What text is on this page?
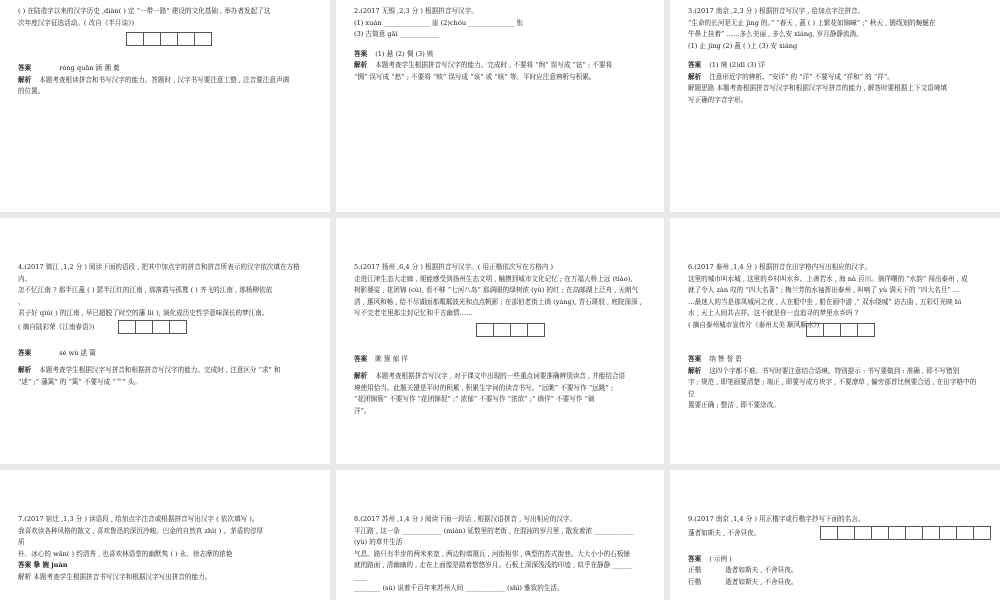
( ) 在陆造字以来的汉字历史 ,diàn( ) 定 “一带一路” 建设的文化基础 , 举办者发起了这

次年度汉字征选活动。( 改自《半月谈》)

答案	róng quān 涵 溯 奠

解析 本题考查根读拼音和书写汉字的能力。答题时 , 汉字书写要注意工整 , 注音要注意声调

的位置。

2.(2017 无锡 ,2,3 分 ) 根据拼音写汉字。

(1) xuán ______________ 崖 (2)chóu ______________ 怅

(3) 古简意 gāi ____________

答案 (1) 悬 (2) 惆 (3) 赅

解析 本题考查学生根据拼音写汉字的能力。完成时 , 不要将 “绚” 误写成 “铉” ; 不要将

“惆” 误写成 “愁” ; 不要将 “赅” 误写成 “该” 或 “咳” 等。平时应注意辨析与积累。

3.(2017 南京 ,2,3 分 ) 根据拼音写汉字 , 给加点字注拼音。

“生命的长河是无止 jìng 的。” “春天 , 蓋 ( ) 上繁花如锦嶂” ;“ 秋天 , 锻线划的蜿蜒在

牛鼻上挂着” ……多么美丽 , 多么安 xiáng, 岁月静静流淌。

(1) 止 jìng (2) 蓋 ( )上 (3) 安 xiáng

答案 (1) 境 (2)dī (3) 详

解析 注意形近字的辨析。“安详” 的 “详” 不要写成 “祥和” 的 “祥”。

解题思路 本题考查根据拼音写汉字和根据汉字写拼音的能力 , 解答时要根据上下文语境填

写正确的字音字形。

4.(2017 镇江 ,1,2 分 ) 阅读下面的语段 , 把其中加点字的拼音和拼音所表示的汉字依次填在方格

内。

怎不忆江南 ? 那半江蓋 ( ) 瑟半江红的江南 , 那落霞与孤鹜 ( ) 齐飞的江南 , 那杨柳依依

、

君子好 qiú( ) 的江南 , 早已超脱了时空的藩 lí( ), 演化成历史哲学意味深长的梦江南。

( 摘自陆彩荣《江南春语》)

答案	sè wù 逑 篱

解析 本题考查学生根据汉字写拼音和根据拼音写汉字的能力。完成时 , 注意区分 “求” 和

“逑” ;“ 藩篱” 的 “篱” 不要写成 “艹” 头。

5.(2017 扬州 ,6,4 分 ) 根据拼音写汉字。( 用正楷依次写在方格内 )

走进江津生态大走廊 , 便能感受到扬州生态文明 , 触摸到城市文化记忆 ; 在万福大桥上远 (tiào),

树影婆娑 , 花团锦 (cù), 看不够 “七河八岛” 那满眼的绿树浓 (yù) 的红 ; 在高邮湖上泛舟 , 天朗气

清 , 惠风和畅 , 给不尽湖面那粼粼波光和点点帆影 ; 在邵伯老街上徜 (yáng), 青石斑驳 , 庭院深深 ,

写不完老宅里那尘封记忆和千古幽情……

答案 眺 簇 郁 徉

解析 本题考查根据拼音写汉字 , 对于课文中出现的一些重点词要准确辨别读音 , 并能结合语

境使用恰当。此题关键是平时的积累 , 积累生字词的读音书写。“远眺” 不要写作 “远跳” ;

“花团锦簇” 不要写作 “花团锦促” ;“ 浓郁” 不要写作 “浓欲” ;“ 徜徉” 不要写作 “徜

洋”。

6.(2017 泰州 ,1,4 分 ) 根据拼音在田字格内写出相应的汉字。

这里的城市叫水城 , 这里的乡村叫水乡。上善若水 , 海 nà 百川。徜徉曙的 “水韵” 闯出泰州 , 成

就了令人 zàn 叹的 “四大名著” ; 梅兰芳的水袖挥出泰州 , 叫响了 yù 满天下的 “四大名旦” …

…最迷人的当是那凤城河之夜 , 人在船中坐 , 船在画中游 ,“ 双水绕城” 访古曲 , 五彩灯光映 bì

水 , 天上人间共吉祥。这不就是你一直追寻的梦里水乡吗 ?

( 摘自泰州城市宣传片《泰州太美 顺风顺水》)

答案 纳 赞 誉 碧

解析 这四个字都不难。书写时要注意结合语境。特别提示 : 书写要做到 : 准确 , 即不写错别

字 ; 规范 , 即笔画要清楚 ; 端正 , 即要写成方块字 , 不要潦草 , 偏旁部首比例要合适 , 在田字格中的

位

置要正确 ; 整洁 , 即不要涂改。

7.(2017 宿迁 ,1,3 分 ) 读语段 , 给加点字注音或根据拼音写出汉字 ( 依次填写 )。

我喜欢读各种风格的散文 , 喜欢鲁迅的深沉冷峻。巴金的自然真 zhì( ) 。茅盾的淳厚

质

朴、冰心的 wǎn( ) 约清秀 , 也喜欢林语堂的幽默隽 ( ) 永、徐志摩的浓艳

答案 挚 婉 juàn

解析 本题考查学生根据拼音书写汉字和根据汉字写出拼音的能力。

8.(2017 苏州 ,1,4 分 ) 阅读下面一段话 , 根据汉语拼音 , 写出相应的汉字。

平江路 , 这一条 ____________ (mián) 延数里的老街 , 在混沌的岁月里 , 散发着浓 ____________

(yù) 的草井生活

气息。路只有半步的两米来宽 , 两边粉墙黛瓦 , 河街相邻 , 典型的苏式街巷。大大小小的石板铺

就的路面 , 清幽幽的 , 走在上面像是踏着悠悠岁月。石板上深深浅浅的印迹 , 似乎在静静 ______

____

________ (sù) 说着千百年来苏州人间 ____________ (shì) 雅致的生活。

9.(2017 南京 ,1,4 分 ) 用正楷字或行楷字抄写下面的名言。

蓬者如斯夫 , 不舍昼夜。

答案 ( 示例 )

正楷	逝者如斯夫 , 不舍昼夜。

行楷	逝者如斯夫 , 不舍昼夜。
